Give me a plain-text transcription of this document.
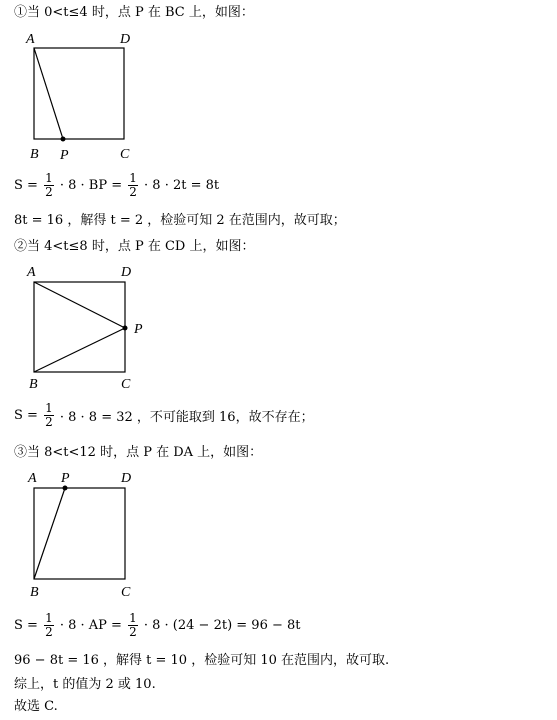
①当 0<t≤4 时，点 P 在 BC 上，如图：
A	D
B P	C
$S = \frac{1}{2} \cdot 8$ · BP = $\frac{1}{2} \cdot 8 \cdot 2t = 8t$
8t = 16 ，解得 t = 2 ，检验可知 2 在范围内，故可取；
②当 4<t≤8 时，点 P 在 CD 上，如图：
A	D
P
B	C
$S = \frac{1}{2} \cdot 8 \cdot 8 = 32$ ，不可能取到 16，故不存在；
③当 8<t<12 时，点 P 在 DA 上，如图：
A P	D
B	C
$S = \frac{1}{2} \cdot 8$ · AP = $\frac{1}{2} \cdot 8 \cdot (24 - 2t) = 96 - 8t$
96 − 8t = 16 ，解得 t = 10 ，检验可知 10 在范围内，故可取.
综上，t 的值为 2 或 10.
故选 C.
